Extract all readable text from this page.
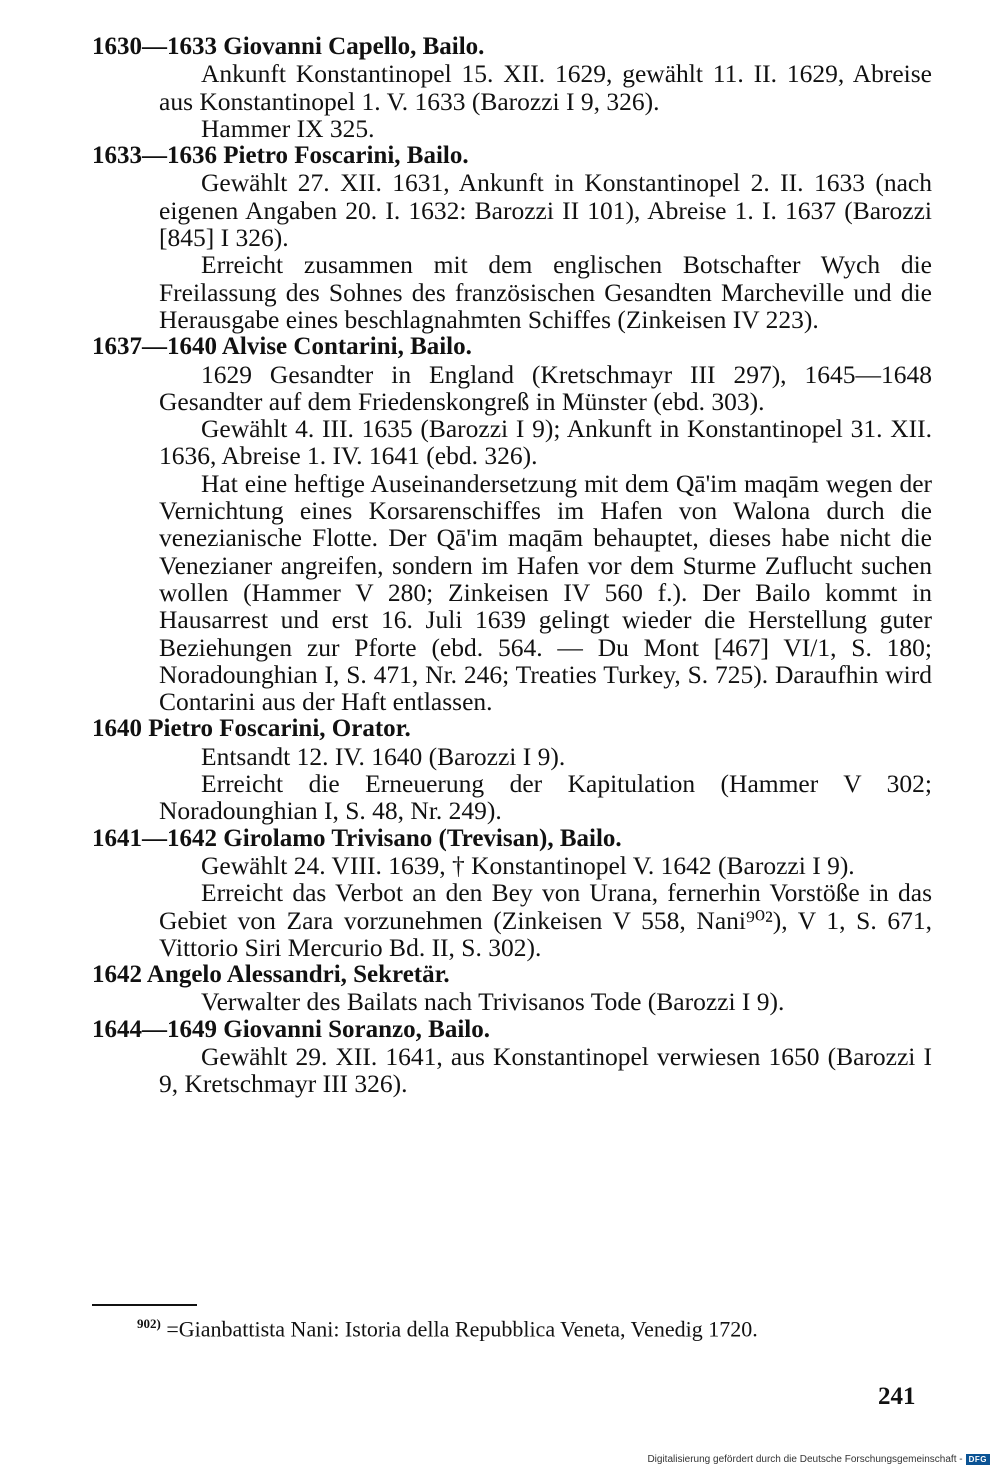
1630—1633 Giovanni Capello, Bailo.

Ankunft Konstantinopel 15. XII. 1629, gewählt 11. II. 1629, Abreise aus Konstantinopel 1. V. 1633 (Barozzi I 9, 326).

Hammer IX 325.

1633—1636 Pietro Foscarini, Bailo.

Gewählt 27. XII. 1631, Ankunft in Konstantinopel 2. II. 1633 (nach eigenen Angaben 20. I. 1632: Barozzi II 101), Abreise 1. I. 1637 (Barozzi [845] I 326).

Erreicht zusammen mit dem englischen Botschafter Wych die Freilassung des Sohnes des französischen Gesandten Marcheville und die Herausgabe eines beschlagnahmten Schiffes (Zinkeisen IV 223).

1637—1640 Alvise Contarini, Bailo.

1629 Gesandter in England (Kretschmayr III 297), 1645—1648 Gesandter auf dem Friedenskongreß in Münster (ebd. 303).

Gewählt 4. III. 1635 (Barozzi I 9); Ankunft in Konstantinopel 31. XII. 1636, Abreise 1. IV. 1641 (ebd. 326).

Hat eine heftige Auseinandersetzung mit dem Qā'im maqām wegen der Vernichtung eines Korsarenschiffes im Hafen von Walona durch die venezianische Flotte. Der Qā'im maqām behauptet, dieses habe nicht die Venezianer angreifen, sondern im Hafen vor dem Sturme Zuflucht suchen wollen (Hammer V 280; Zinkeisen IV 560 f.). Der Bailo kommt in Hausarrest und erst 16. Juli 1639 gelingt wieder die Herstellung guter Beziehungen zur Pforte (ebd. 564. — Du Mont [467] VI/1, S. 180; Noradounghian I, S. 471, Nr. 246; Treaties Turkey, S. 725). Daraufhin wird Contarini aus der Haft entlassen.

1640 Pietro Foscarini, Orator.

Entsandt 12. IV. 1640 (Barozzi I 9).

Erreicht die Erneuerung der Kapitulation (Hammer V 302; Noradounghian I, S. 48, Nr. 249).

1641—1642 Girolamo Trivisano (Trevisan), Bailo.

Gewählt 24. VIII. 1639, † Konstantinopel V. 1642 (Barozzi I 9).

Erreicht das Verbot an den Bey von Urana, fernerhin Vorstöße in das Gebiet von Zara vorzunehmen (Zinkeisen V 558, Nani⁹⁰²), V 1, S. 671, Vittorio Siri Mercurio Bd. II, S. 302).

1642 Angelo Alessandri, Sekretär.

Verwalter des Bailats nach Trivisanos Tode (Barozzi I 9).

1644—1649 Giovanni Soranzo, Bailo.

Gewählt 29. XII. 1641, aus Konstantinopel verwiesen 1650 (Barozzi I 9, Kretschmayr III 326).

$^{902)}$ =Gianbattista Nani: Istoria della Repubblica Veneta, Venedig 1720.
241
Digitalisierung gefördert durch die Deutsche Forschungsgemeinschaft - DFG
